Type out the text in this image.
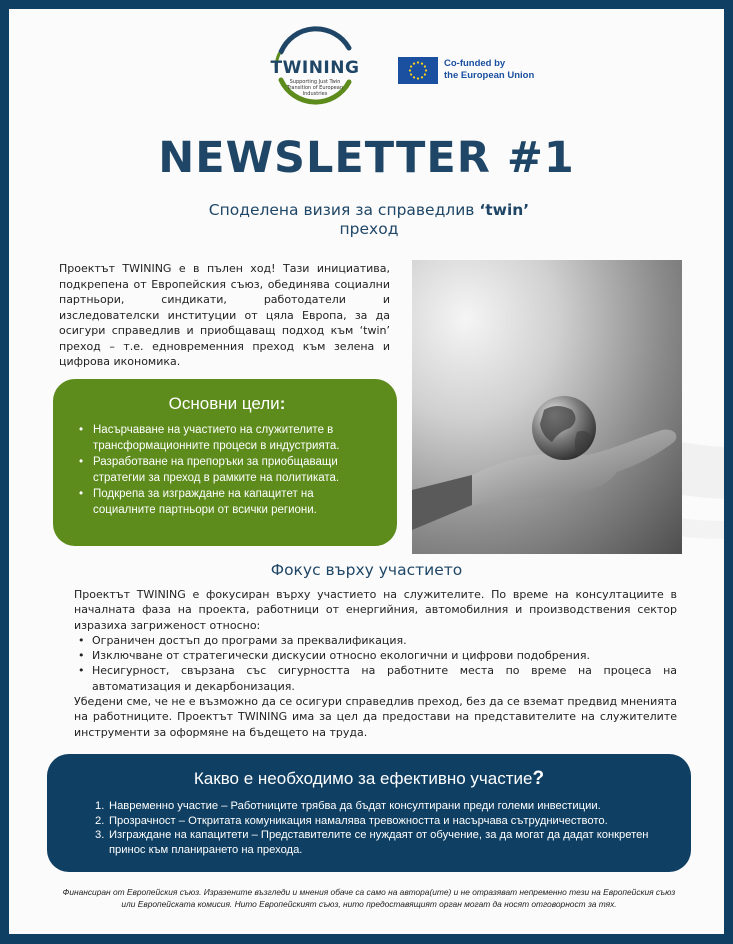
TWINING
Supporting Just Twin Transition of European Industries
Co-funded by
the European Union
NEWSLETTER #1
Споделена визия за справедлив ‘twin’
преход

Проектът TWINING е в пълен ход! Тази инициатива, подкрепена от Европейския съюз, обединява социални партньори, синдикати, работодатели и изследователски институции от цяла Европа, за да осигури справедлив и приобщаващ подход към ‘twin’ преход – т.е. едновременния преход към зелена и цифрова икономика.

Основни цели:
• Насърчаване на участието на служителите в трансформационните процеси в индустрията.
• Разработване на препоръки за приобщаващи стратегии за преход в рамките на политиката.
• Подкрепа за изграждане на капацитет на социалните партньори от всички региони.
Фокус върху участието

Проектът TWINING е фокусиран върху участието на служителите. По време на консултациите в началната фаза на проекта, работници от енергийния, автомобилния и производствения сектор изразиха загриженост относно:

• Ограничен достъп до програми за преквалификация.
• Изключване от стратегически дискусии относно екологични и цифрови подобрения.
• Несигурност, свързана със сигурността на работните места по време на процеса на автоматизация и декарбонизация.

Убедени сме, че не е възможно да се осигури справедлив преход, без да се вземат предвид мненията на работниците. Проектът TWINING има за цел да предостави на представителите на служителите инструменти за оформяне на бъдещето на труда.

Какво е необходимо за ефективно участие?
1. Навременно участие – Работниците трябва да бъдат консултирани преди големи инвестиции.
2. Прозрачност – Откритата комуникация намалява тревожността и насърчава сътрудничеството.
3. Изграждане на капацитети – Представителите се нуждаят от обучение, за да могат да дадат конкретен принос към планирането на прехода.

Финансиран от Европейския съюз. Изразените възгледи и мнения обаче са само на автора(ите) и не отразяват непременно тези на Европейския съюз или Европейската комисия. Нито Европейският съюз, нито предоставящият орган могат да носят отговорност за тях.
